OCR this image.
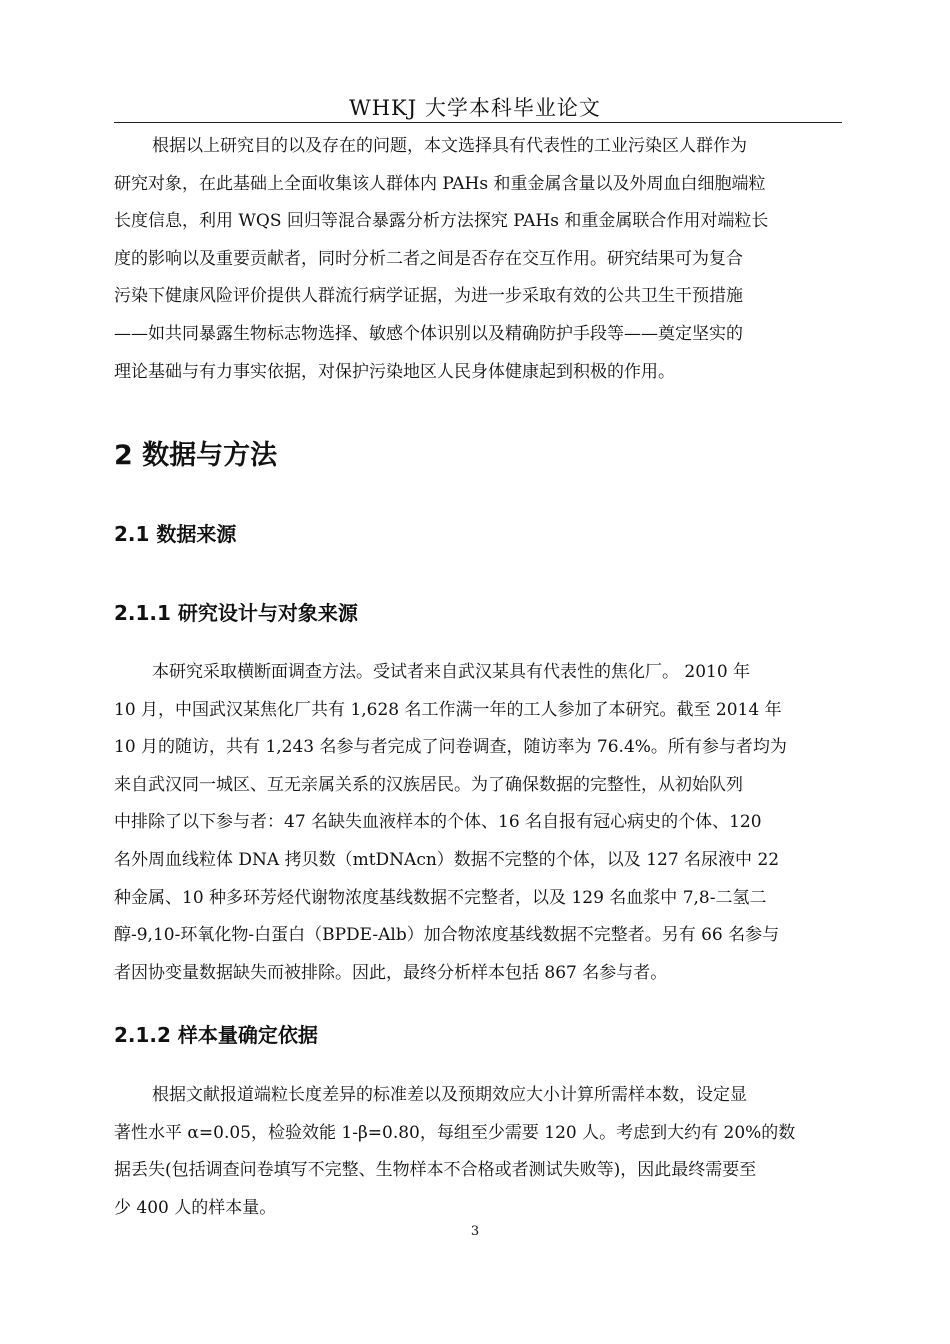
WHKJ 大学本科毕业论文
根据以上研究目的以及存在的问题，本文选择具有代表性的工业污染区人群作为
研究对象，在此基础上全面收集该人群体内 PAHs 和重金属含量以及外周血白细胞端粒
长度信息，利用 WQS 回归等混合暴露分析方法探究 PAHs 和重金属联合作用对端粒长
度的影响以及重要贡献者，同时分析二者之间是否存在交互作用。研究结果可为复合
污染下健康风险评价提供人群流行病学证据，为进一步采取有效的公共卫生干预措施
——如共同暴露生物标志物选择、敏感个体识别以及精确防护手段等——奠定坚实的
理论基础与有力事实依据，对保护污染地区人民身体健康起到积极的作用。
2 数据与方法
2.1 数据来源
2.1.1 研究设计与对象来源
本研究采取横断面调查方法。受试者来自武汉某具有代表性的焦化厂。 2010 年
10 月，中国武汉某焦化厂共有 1,628 名工作满一年的工人参加了本研究。截至 2014 年
10 月的随访，共有 1,243 名参与者完成了问卷调查，随访率为 76.4%。所有参与者均为
来自武汉同一城区、互无亲属关系的汉族居民。为了确保数据的完整性，从初始队列
中排除了以下参与者：47 名缺失血液样本的个体、16 名自报有冠心病史的个体、120
名外周血线粒体 DNA 拷贝数（mtDNAcn）数据不完整的个体，以及 127 名尿液中 22
种金属、10 种多环芳烃代谢物浓度基线数据不完整者，以及 129 名血浆中 7,8-二氢二
醇-9,10-环氧化物-白蛋白（BPDE-Alb）加合物浓度基线数据不完整者。另有 66 名参与
者因协变量数据缺失而被排除。因此，最终分析样本包括 867 名参与者。
2.1.2 样本量确定依据
根据文献报道端粒长度差异的标准差以及预期效应大小计算所需样本数，设定显
著性水平 α=0.05，检验效能 1-β=0.80，每组至少需要 120 人。考虑到大约有 20%的数
据丢失(包括调查问卷填写不完整、生物样本不合格或者测试失败等)，因此最终需要至
少 400 人的样本量。
3
